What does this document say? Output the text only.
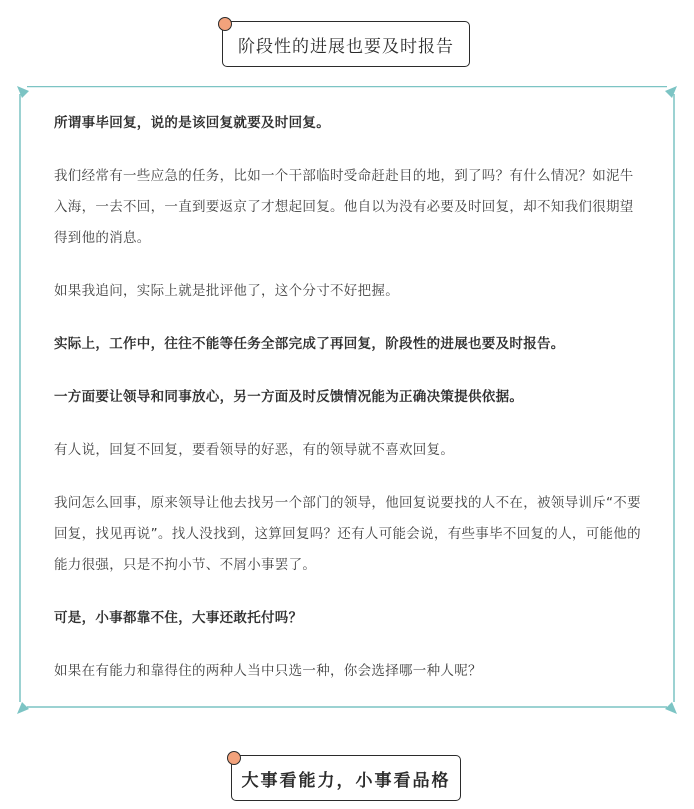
阶段性的进展也要及时报告

所谓事毕回复，说的是该回复就要及时回复。

我们经常有一些应急的任务，比如一个干部临时受命赶赴目的地，到了吗？有什么情况？如泥牛入海，一去不回，一直到要返京了才想起回复。他自以为没有必要及时回复，却不知我们很期望得到他的消息。

如果我追问，实际上就是批评他了，这个分寸不好把握。

实际上，工作中，往往不能等任务全部完成了再回复，阶段性的进展也要及时报告。

一方面要让领导和同事放心，另一方面及时反馈情况能为正确决策提供依据。

有人说，回复不回复，要看领导的好恶，有的领导就不喜欢回复。

我问怎么回事，原来领导让他去找另一个部门的领导，他回复说要找的人不在，被领导训斥“不要回复，找见再说”。找人没找到，这算回复吗？还有人可能会说，有些事毕不回复的人，可能他的能力很强，只是不拘小节、不屑小事罢了。

可是，小事都靠不住，大事还敢托付吗？

如果在有能力和靠得住的两种人当中只选一种，你会选择哪一种人呢？

大事看能力，小事看品格
